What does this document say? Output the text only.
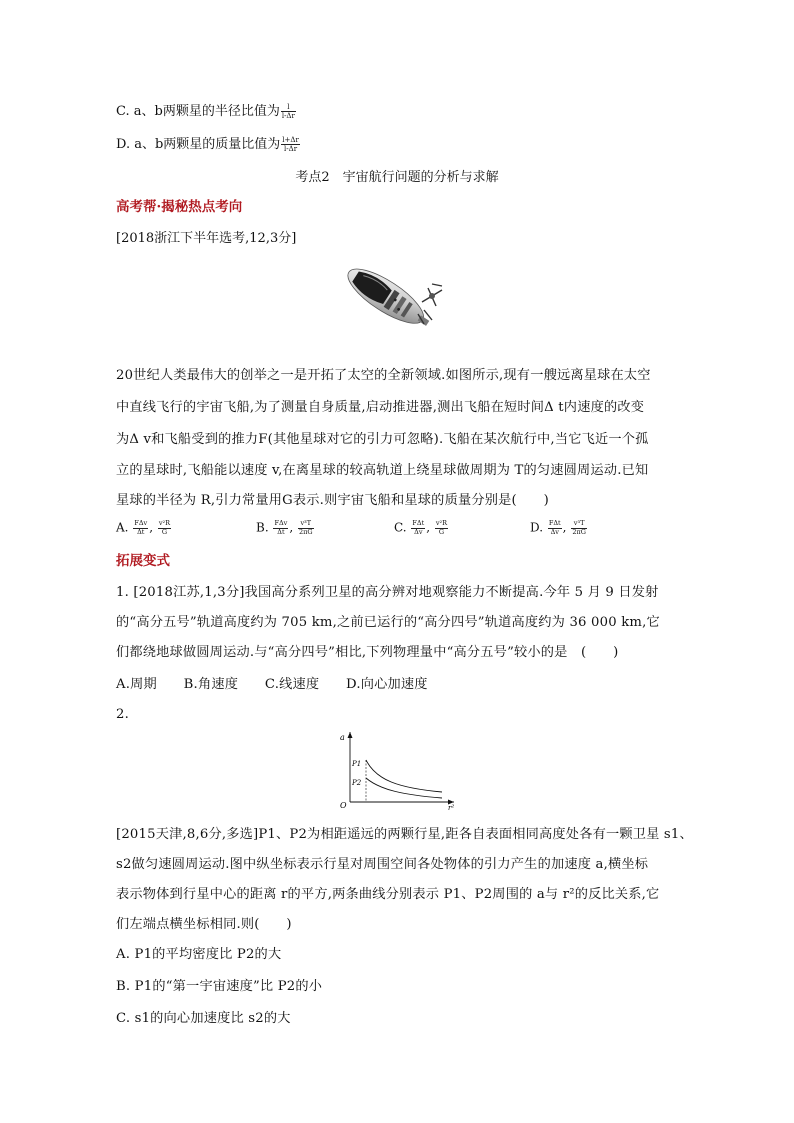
C. a、b两颗星的半径比值为 $\frac{l}{l-\Delta r}$
D. a、b两颗星的质量比值为 $\frac{l+\Delta r}{l-\Delta r}$
考点2　宇宙航行问题的分析与求解
高考帮·揭秘热点考向
[2018浙江下半年选考,12,3分]
20世纪人类最伟大的创举之一是开拓了太空的全新领域.如图所示,现有一艘远离星球在太空
中直线飞行的宇宙飞船,为了测量自身质量,启动推进器,测出飞船在短时间Δ t内速度的改变
为Δ v和飞船受到的推力F(其他星球对它的引力可忽略).飞船在某次航行中,当它飞近一个孤
立的星球时,飞船能以速度 v,在离星球的较高轨道上绕星球做周期为 T的匀速圆周运动.已知
星球的半径为 R,引力常量用G表示.则宇宙飞船和星球的质量分别是(　　)
A. $\frac{\text{FΔv}}{\Delta t}$ , $\frac{\text{v²R}}{G}$	B. $\frac{\text{FΔv}}{\Delta t}$ , $\frac{\text{v³T}}{2\pi G}$	C. $\frac{\text{FΔt}}{\Delta v}$ , $\frac{\text{v²R}}{G}$	D. $\frac{\text{FΔt}}{\Delta v}$ , $\frac{\text{v³T}}{2\pi G}$
拓展变式
1. [2018江苏,1,3分]我国高分系列卫星的高分辨对地观察能力不断提高.今年 5 月 9 日发射
的“高分五号”轨道高度约为 705 km,之前已运行的“高分四号”轨道高度约为 36 000 km,它
们都绕地球做圆周运动.与“高分四号”相比,下列物理量中“高分五号”较小的是　(　　)
A.周期　　B.角速度　　C.线速度　　D.向心加速度
2.
a
O	r²
P1
P2
[2015天津,8,6分,多选]P1、P2为相距遥远的两颗行星,距各自表面相同高度处各有一颗卫星 s1、
s2做匀速圆周运动.图中纵坐标表示行星对周围空间各处物体的引力产生的加速度 a,横坐标
表示物体到行星中心的距离 r的平方,两条曲线分别表示 P1、P2周围的 a与 r²的反比关系,它
们左端点横坐标相同.则(　　)
A. P1的平均密度比 P2的大
B. P1的“第一宇宙速度”比 P2的小
C. s1的向心加速度比 s2的大
